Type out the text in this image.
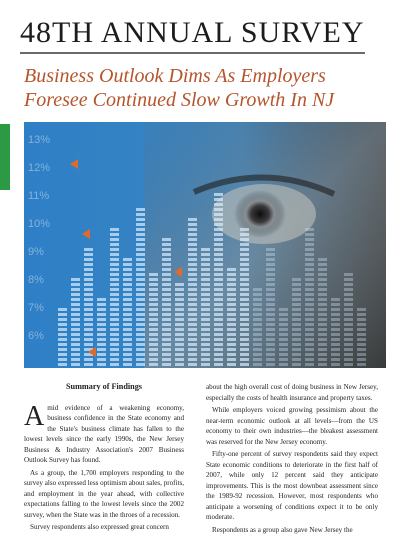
48TH ANNUAL SURVEY
Business Outlook Dims As Employers
Foresee Continued Slow Growth In NJ
13%
12%
11%
10%
9%
8%
7%
6%
Summary of Findings

Amid evidence of a weakening economy, business confidence in the State economy and the State's business climate has fallen to the lowest levels since the early 1990s, the New Jersey Business & Industry Association's 2007 Business Outlook Survey has found.

As a group, the 1,700 employers responding to the survey also expressed less optimism about sales, profits, and employment in the year ahead, with collective expectations falling to the lowest levels since the 2002 survey, when the State was in the throes of a recession.

Survey respondents also expressed great concern

about the high overall cost of doing business in New Jersey, especially the costs of health insurance and property taxes.

While employers voiced growing pessimism about the near-term economic outlook at all levels—from the US economy to their own industries—the bleakest assessment was reserved for the New Jersey economy.

Fifty-one percent of survey respondents said they expect State economic conditions to deteriorate in the first half of 2007, while only 12 percent said they anticipate improvements. This is the most downbeat assessment since the 1989-92 recession. However, most respondents who anticipate a worsening of conditions expect it to be only moderate.

Respondents as a group also gave New Jersey the
